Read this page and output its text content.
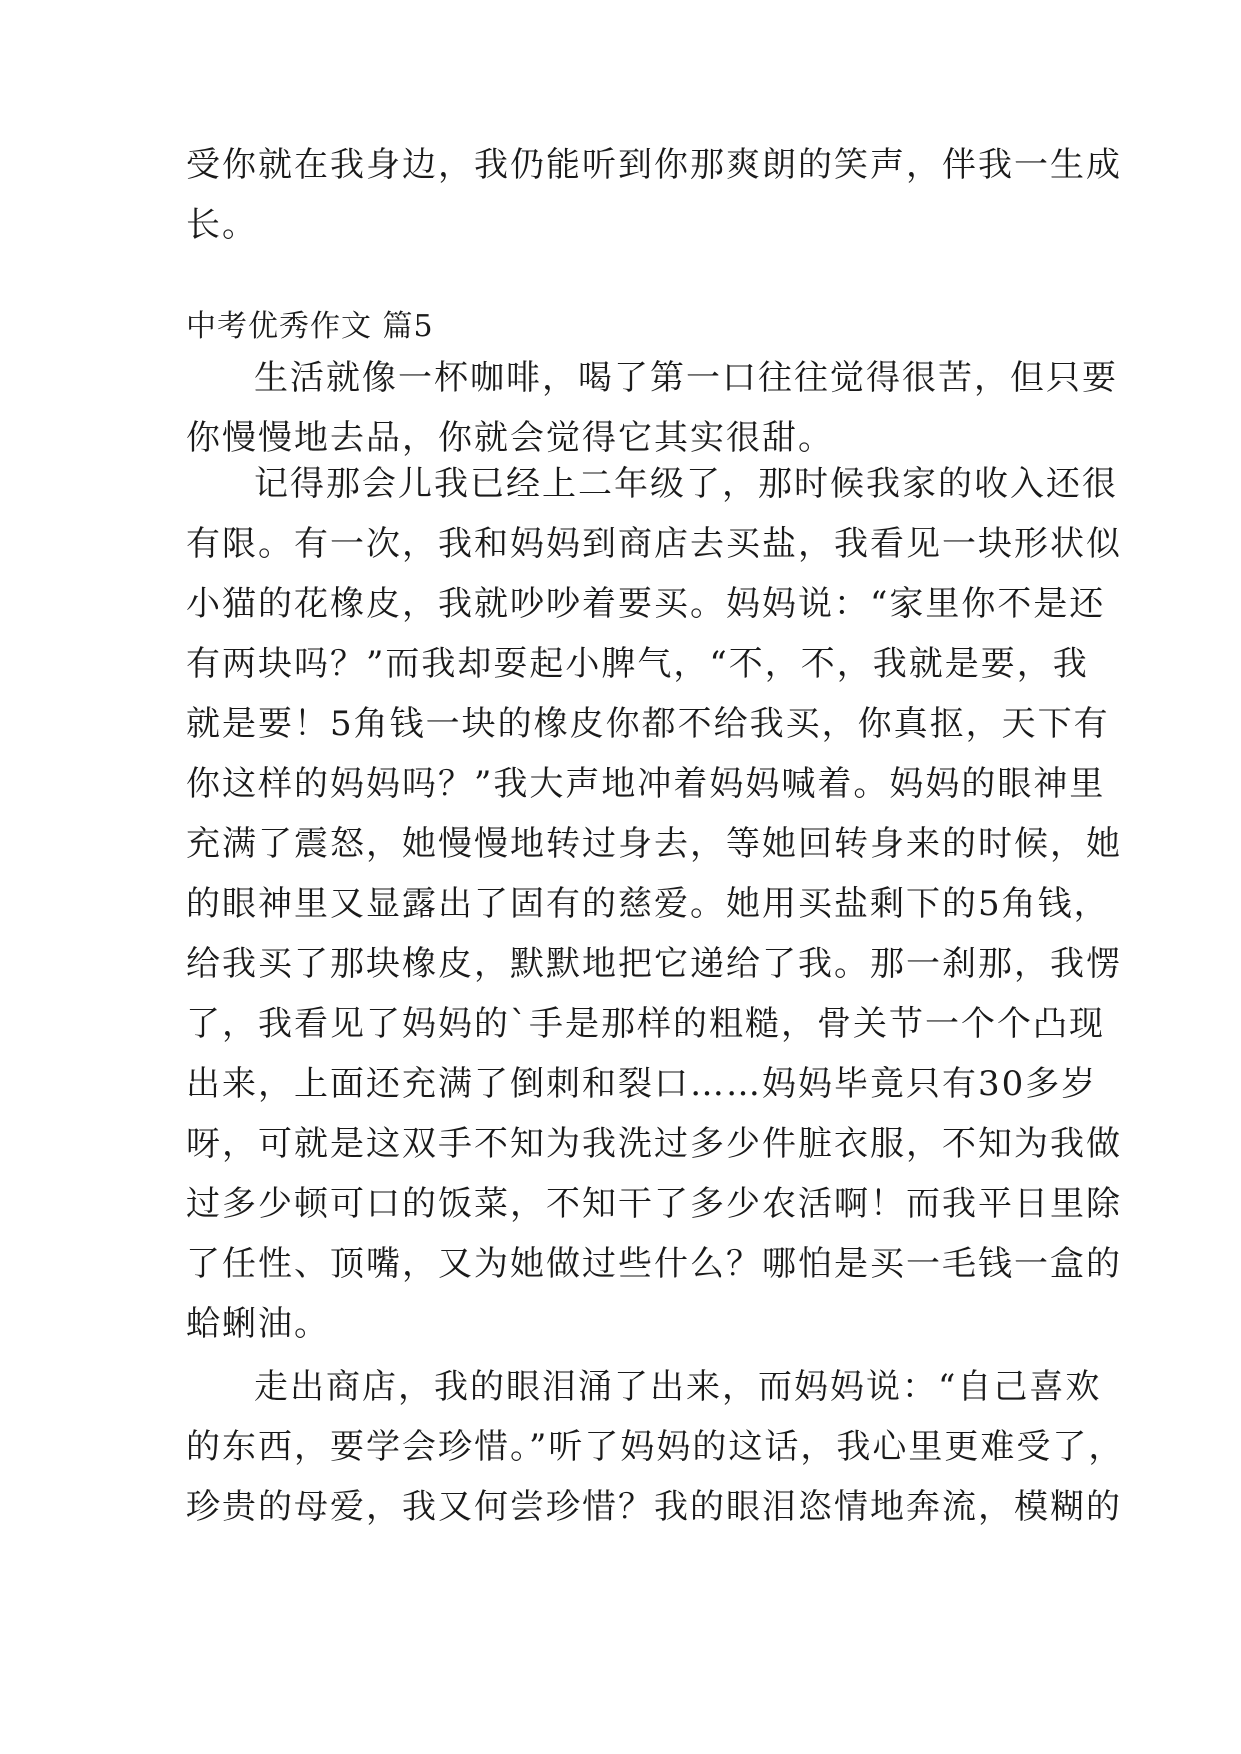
受你就在我身边，我仍能听到你那爽朗的笑声，伴我一生成
长。
中考优秀作文 篇5
生活就像一杯咖啡，喝了第一口往往觉得很苦，但只要
你慢慢地去品，你就会觉得它其实很甜。
记得那会儿我已经上二年级了，那时候我家的收入还很
有限。有一次，我和妈妈到商店去买盐，我看见一块形状似
小猫的花橡皮，我就吵吵着要买。妈妈说：“家里你不是还
有两块吗？”而我却耍起小脾气，“不，不，我就是要，我
就是要！5角钱一块的橡皮你都不给我买，你真抠，天下有
你这样的妈妈吗？”我大声地冲着妈妈喊着。妈妈的眼神里
充满了震怒，她慢慢地转过身去，等她回转身来的时候，她
的眼神里又显露出了固有的慈爱。她用买盐剩下的5角钱，
给我买了那块橡皮，默默地把它递给了我。那一刹那，我愣
了，我看见了妈妈的`手是那样的粗糙，骨关节一个个凸现
出来，上面还充满了倒刺和裂口……妈妈毕竟只有30多岁
呀，可就是这双手不知为我洗过多少件脏衣服，不知为我做
过多少顿可口的饭菜，不知干了多少农活啊！而我平日里除
了任性、顶嘴，又为她做过些什么？哪怕是买一毛钱一盒的
蛤蜊油。
走出商店，我的眼泪涌了出来，而妈妈说：“自己喜欢
的东西，要学会珍惜。”听了妈妈的这话，我心里更难受了，
珍贵的母爱，我又何尝珍惜？我的眼泪恣情地奔流，模糊的
